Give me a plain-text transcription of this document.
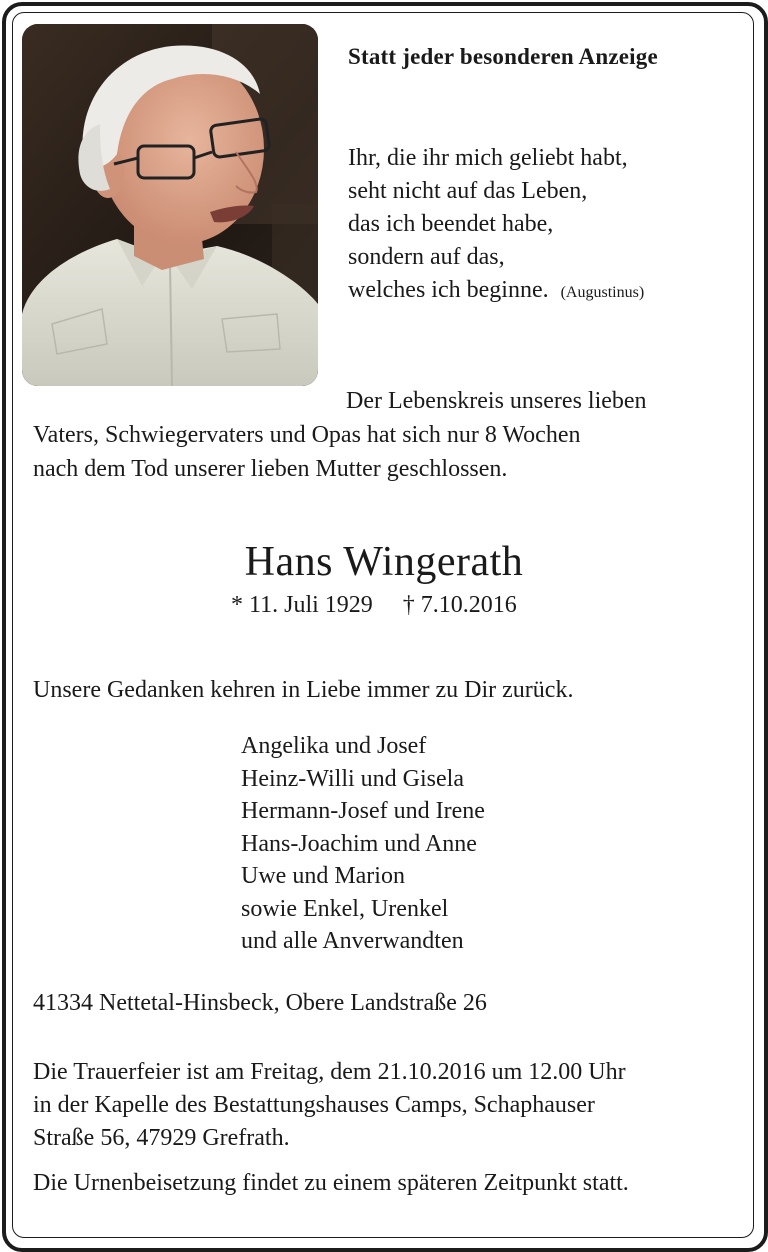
Statt jeder besonderen Anzeige
Ihr, die ihr mich geliebt habt,
seht nicht auf das Leben,
das ich beendet habe,
sondern auf das,
welches ich beginne. (Augustinus)
Der Lebenskreis unseres lieben
Vaters, Schwiegervaters und Opas hat sich nur 8 Wochen
nach dem Tod unserer lieben Mutter geschlossen.
Hans Wingerath
* 11. Juli 1929 † 7.10.2016
Unsere Gedanken kehren in Liebe immer zu Dir zurück.
Angelika und Josef
Heinz-Willi und Gisela
Hermann-Josef und Irene
Hans-Joachim und Anne
Uwe und Marion
sowie Enkel, Urenkel
und alle Anverwandten
41334 Nettetal-Hinsbeck, Obere Landstraße 26
Die Trauerfeier ist am Freitag, dem 21.10.2016 um 12.00 Uhr
in der Kapelle des Bestattungshauses Camps, Schaphauser
Straße 56, 47929 Grefrath.
Die Urnenbeisetzung findet zu einem späteren Zeitpunkt statt.
